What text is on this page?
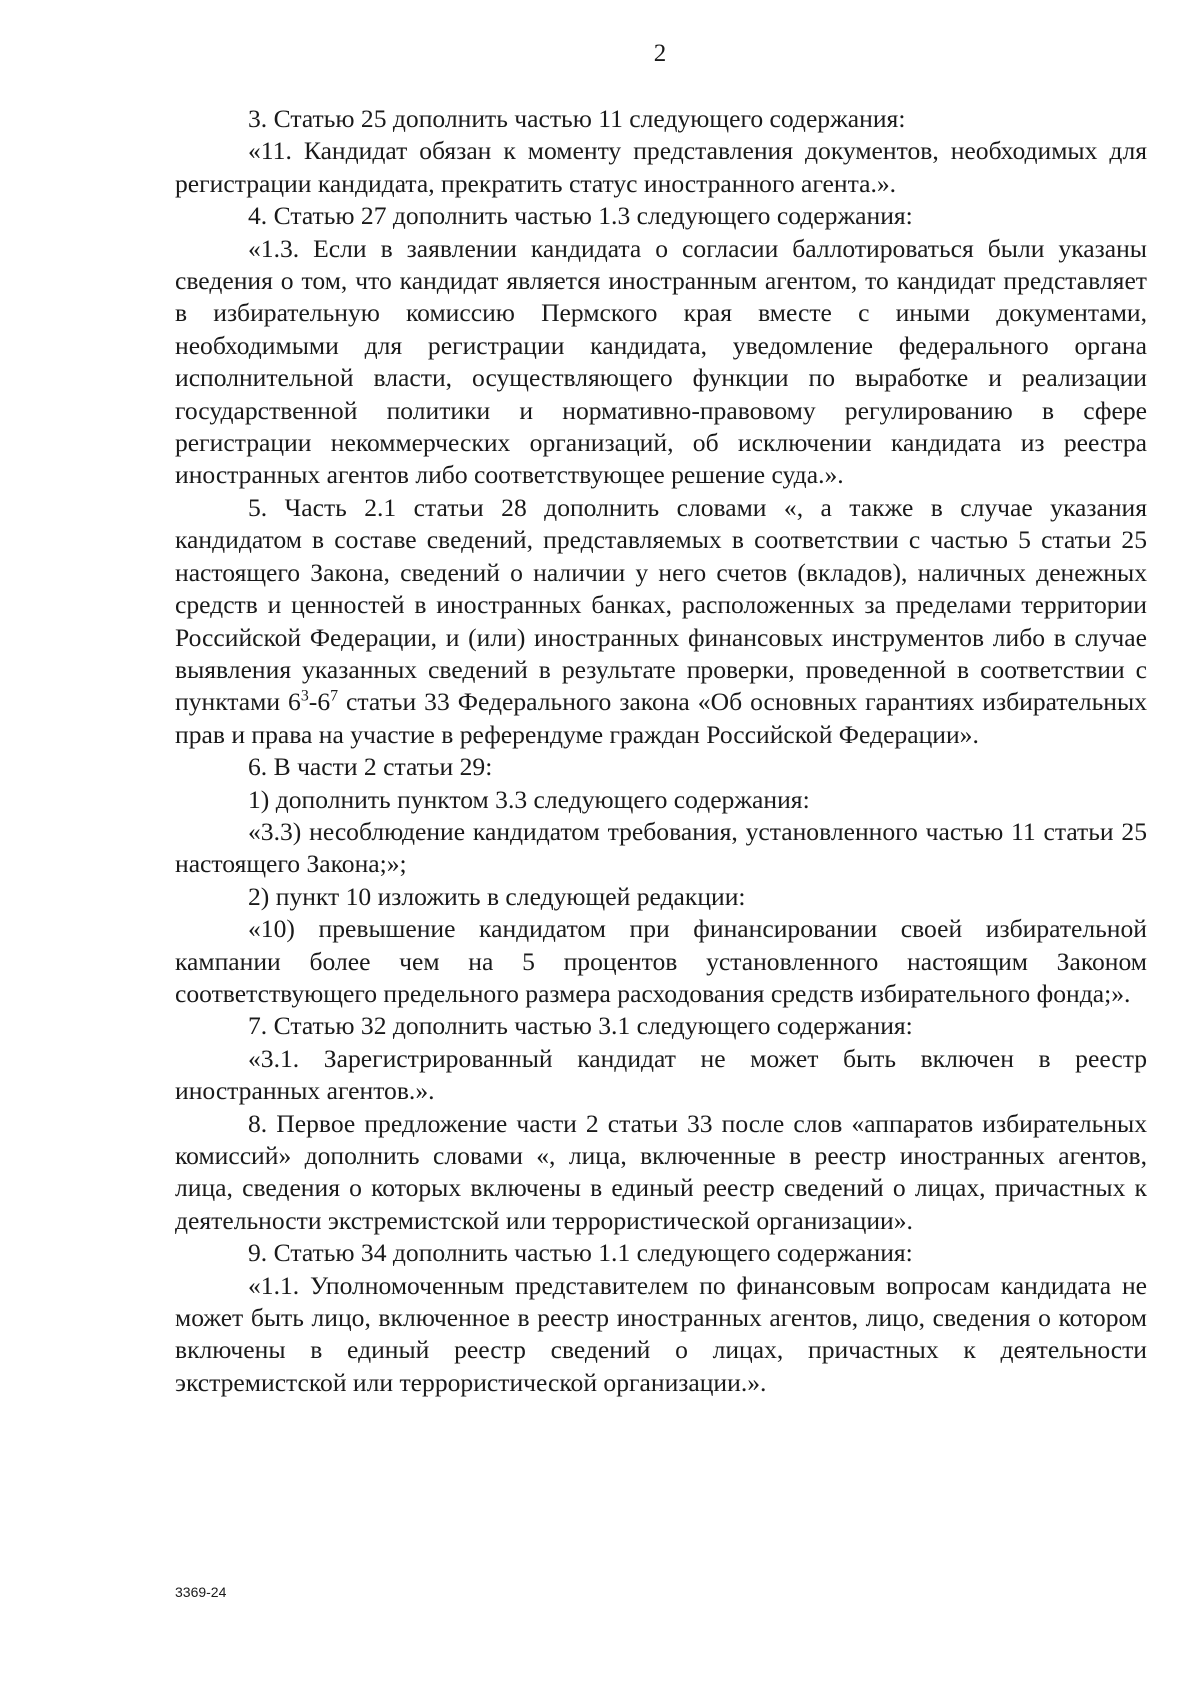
2

3. Статью 25 дополнить частью 11 следующего содержания:

«11. Кандидат обязан к моменту представления документов, необходимых для регистрации кандидата, прекратить статус иностранного агента.».

4. Статью 27 дополнить частью 1.3 следующего содержания:

«1.3. Если в заявлении кандидата о согласии баллотироваться были указаны сведения о том, что кандидат является иностранным агентом, то кандидат представляет в избирательную комиссию Пермского края вместе с иными документами, необходимыми для регистрации кандидата, уведомление федерального органа исполнительной власти, осуществляющего функции по выработке и реализации государственной политики и нормативно-правовому регулированию в сфере регистрации некоммерческих организаций, об исключении кандидата из реестра иностранных агентов либо соответствующее решение суда.».

5. Часть 2.1 статьи 28 дополнить словами «, а также в случае указания кандидатом в составе сведений, представляемых в соответствии с частью 5 статьи 25 настоящего Закона, сведений о наличии у него счетов (вкладов), наличных денежных средств и ценностей в иностранных банках, расположенных за пределами территории Российской Федерации, и (или) иностранных финансовых инструментов либо в случае выявления указанных сведений в результате проверки, проведенной в соответствии с пунктами $6^3-6^7$ статьи 33 Федерального закона «Об основных гарантиях избирательных прав и права на участие в референдуме граждан Российской Федерации».

6. В части 2 статьи 29:

1) дополнить пунктом 3.3 следующего содержания:

«3.3) несоблюдение кандидатом требования, установленного частью 11 статьи 25 настоящего Закона;»;

2) пункт 10 изложить в следующей редакции:

«10) превышение кандидатом при финансировании своей избирательной кампании более чем на 5 процентов установленного настоящим Законом соответствующего предельного размера расходования средств избирательного фонда;».

7. Статью 32 дополнить частью 3.1 следующего содержания:

«3.1. Зарегистрированный кандидат не может быть включен в реестр иностранных агентов.».

8. Первое предложение части 2 статьи 33 после слов «аппаратов избирательных комиссий» дополнить словами «, лица, включенные в реестр иностранных агентов, лица, сведения о которых включены в единый реестр сведений о лицах, причастных к деятельности экстремистской или террористической организации».

9. Статью 34 дополнить частью 1.1 следующего содержания:

«1.1. Уполномоченным представителем по финансовым вопросам кандидата не может быть лицо, включенное в реестр иностранных агентов, лицо, сведения о котором включены в единый реестр сведений о лицах, причастных к деятельности экстремистской или террористической организации.».

3369-24
